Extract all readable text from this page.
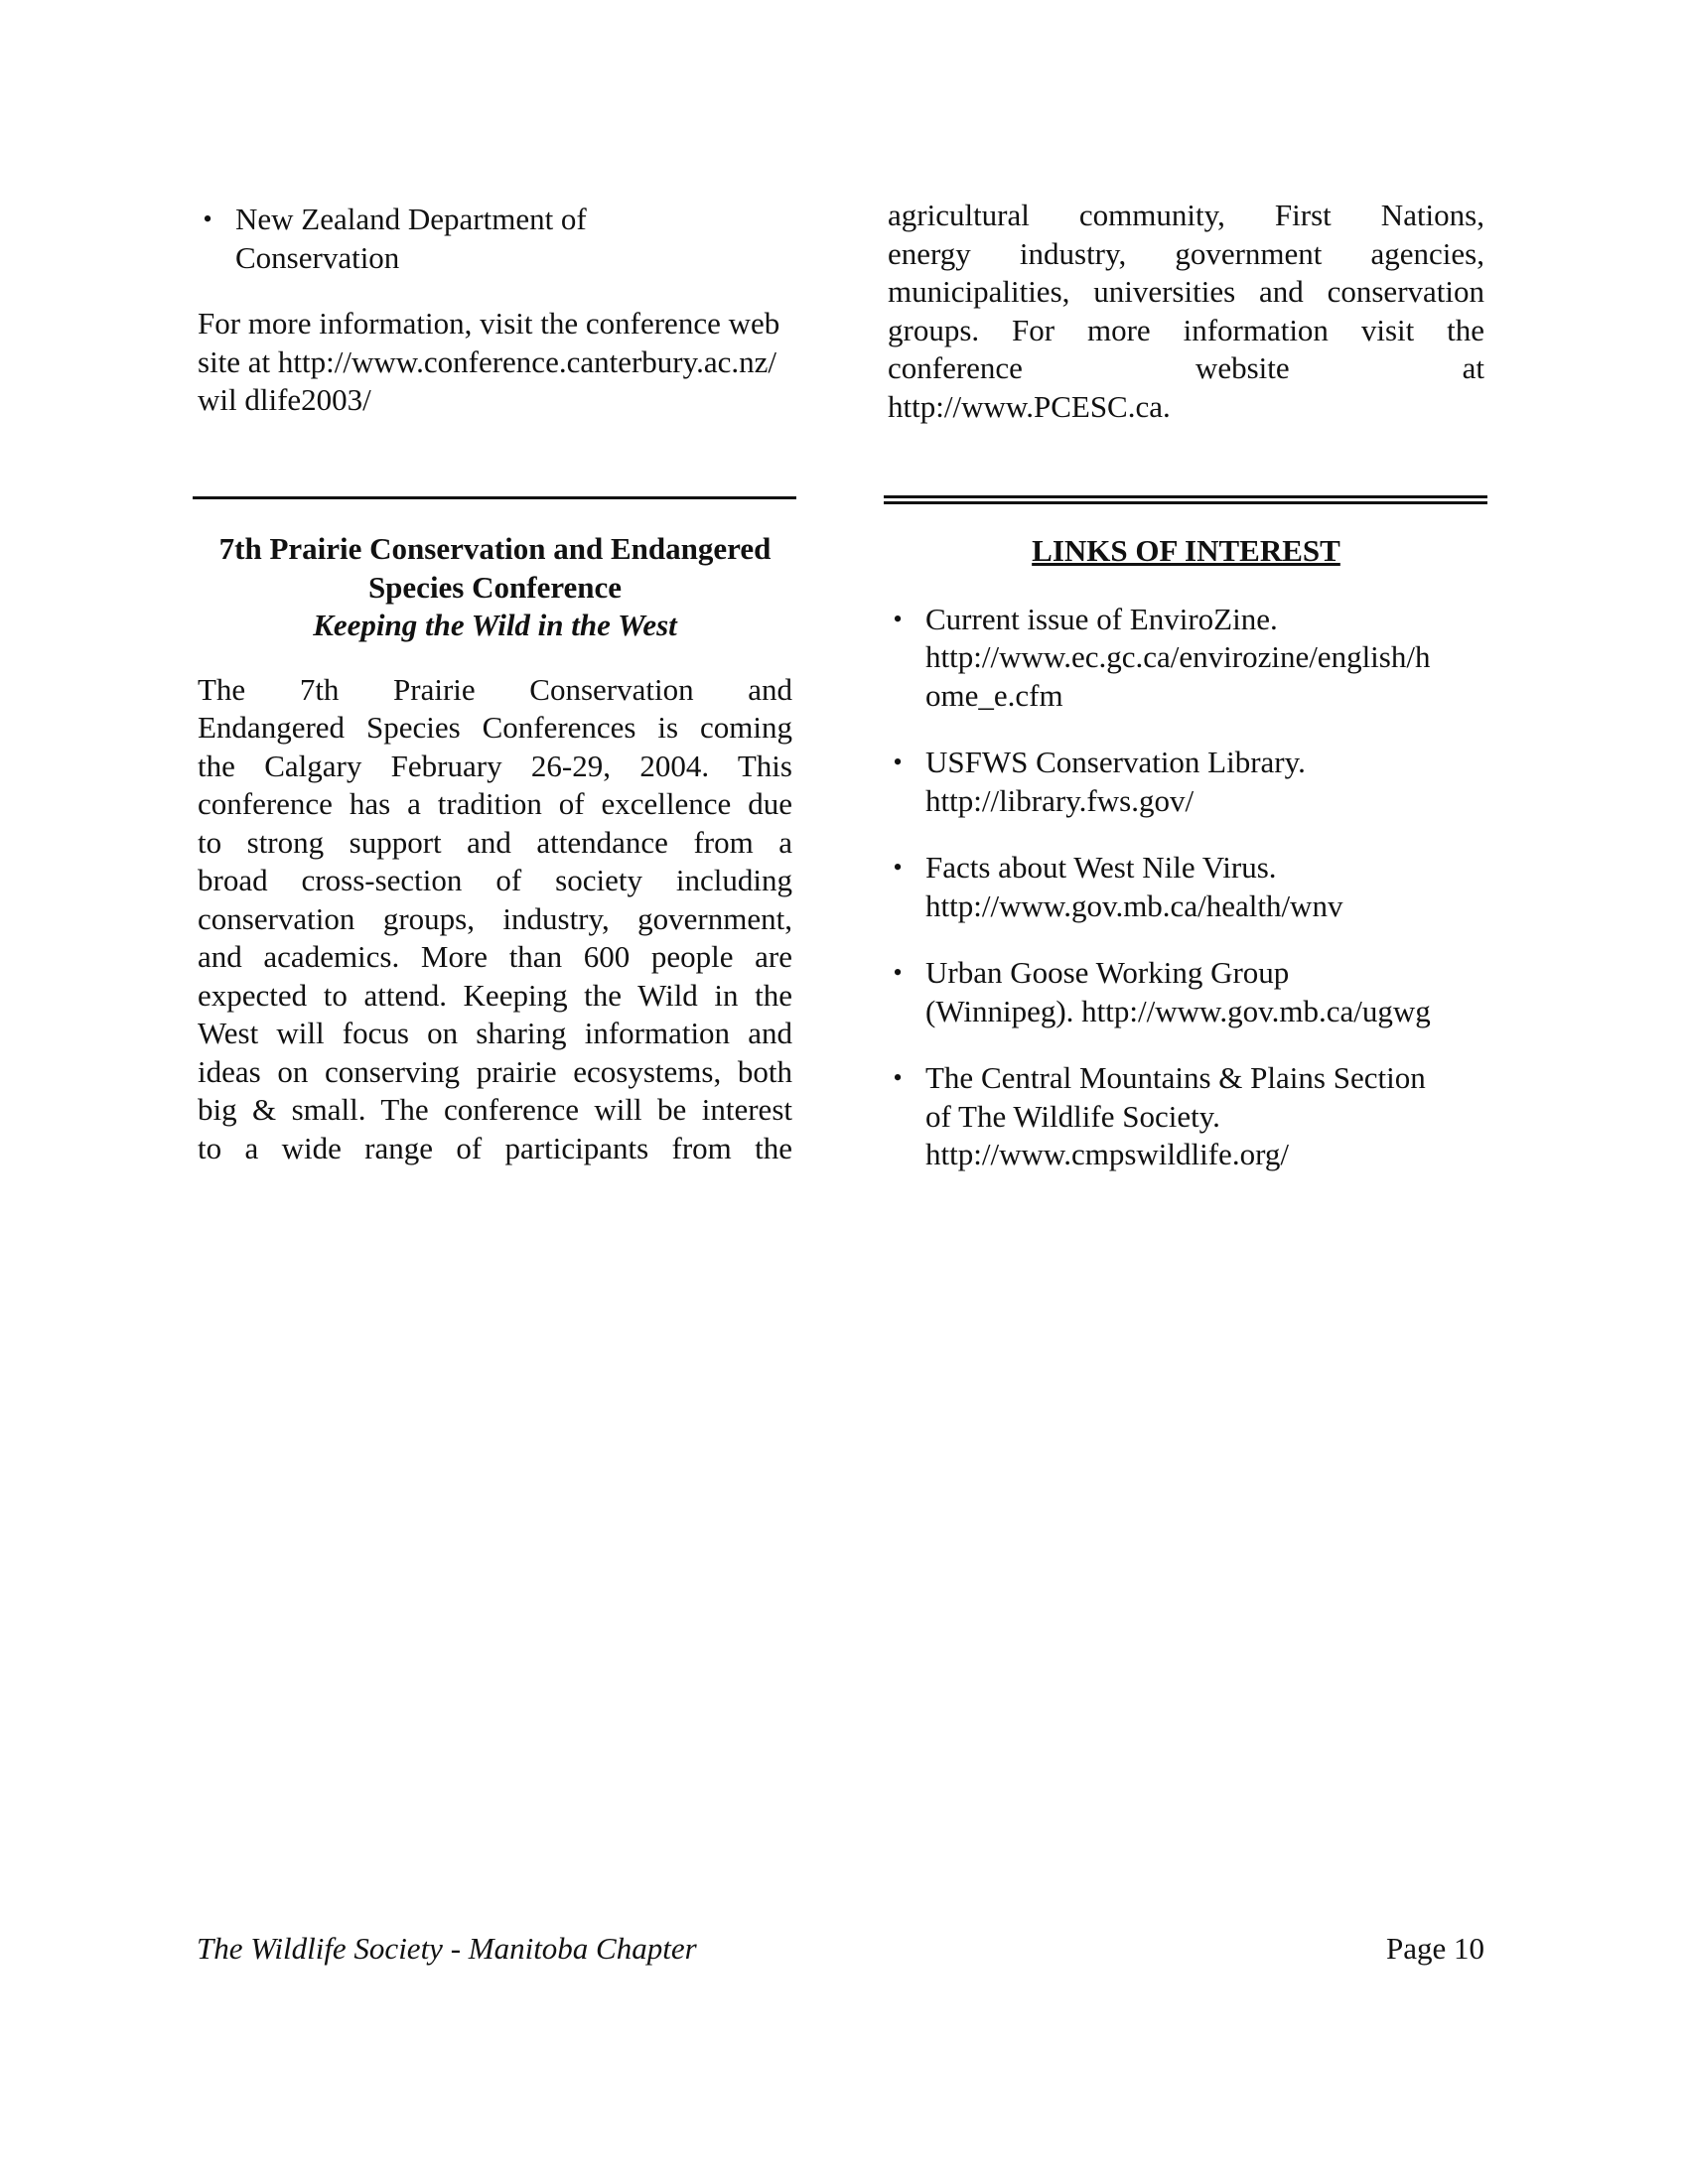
• New Zealand Department of Conservation

For more information, visit the conference website at http://www.conference.canterbury.ac.nz/wil dlife2003/

agricultural community, First Nations,
energy industry, government agencies,
municipalities, universities and conservation
groups. For more information visit the
conference website at
http://www.PCESC.ca.
7th Prairie Conservation and Endangered
Species Conference
Keeping the Wild in the West
The 7th Prairie Conservation and
Endangered Species Conferences is coming
the Calgary February 26-29, 2004. This
conference has a tradition of excellence due
to strong support and attendance from a
broad cross-section of society including
conservation groups, industry, government,
and academics. More than 600 people are
expected to attend. Keeping the Wild in the
West will focus on sharing information and
ideas on conserving prairie ecosystems, both
big & small. The conference will be interest
to a wide range of participants from the
LINKS OF INTEREST
• Current issue of EnviroZine.
http://www.ec.gc.ca/envirozine/english/h
ome_e.cfm
• USFWS Conservation Library.
http://library.fws.gov/
• Facts about West Nile Virus.
http://www.gov.mb.ca/health/wnv
• Urban Goose Working Group
(Winnipeg). http://www.gov.mb.ca/ugwg
• The Central Mountains & Plains Section
of The Wildlife Society.
http://www.cmpswildlife.org/
The Wildlife Society - Manitoba Chapter	Page 10
